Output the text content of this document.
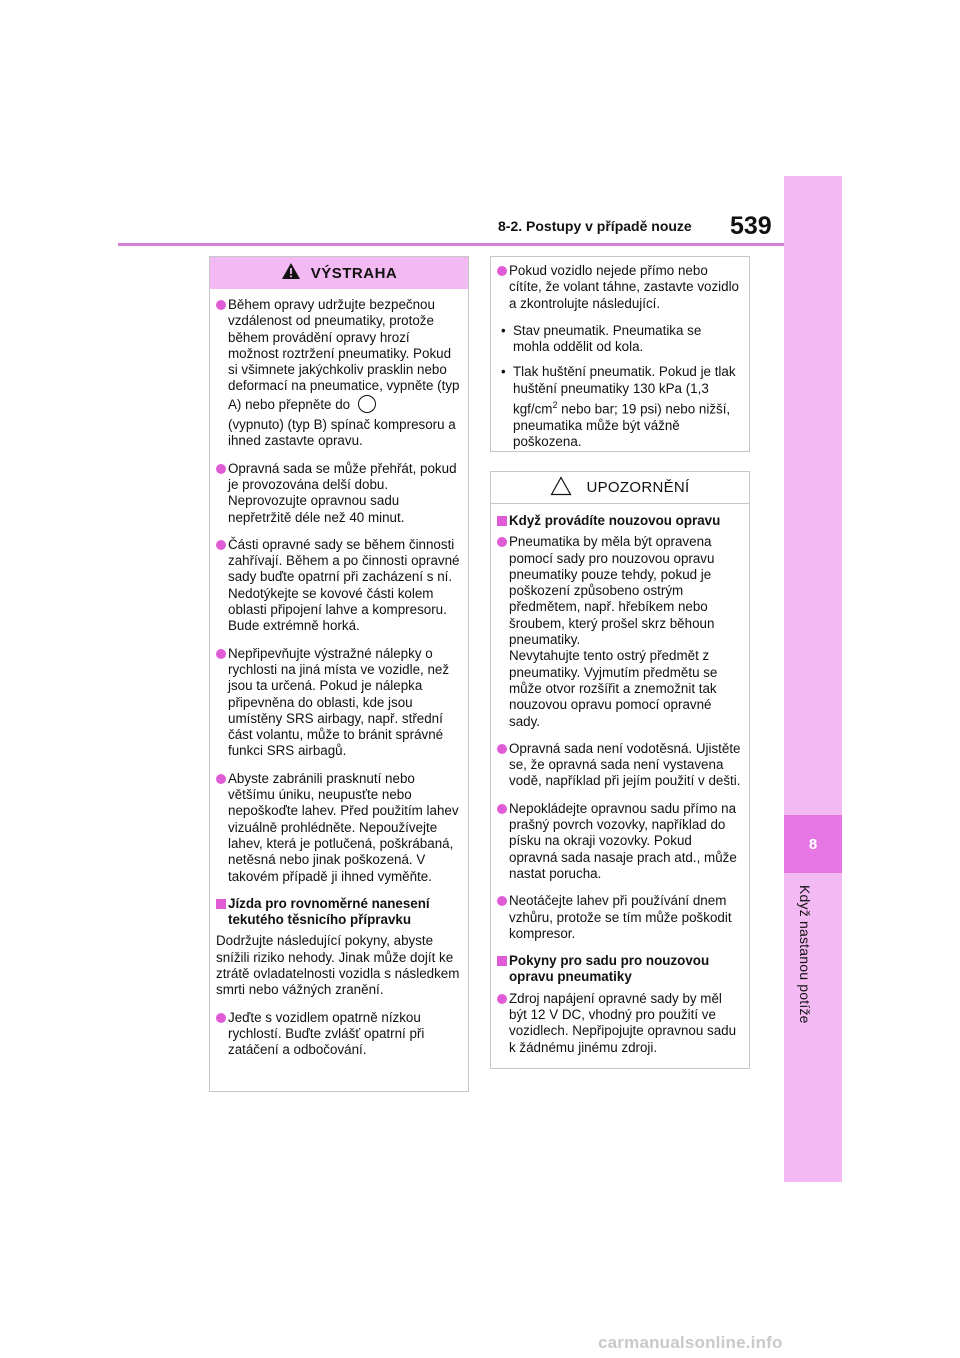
8
Když nastanou potíže
8-2. Postupy v případě nouze 539
VÝSTRAHA
Během opravy udržujte bezpečnou vzdálenost od pneumatiky, protože během provádění opravy hrozí možnost roztržení pneumatiky. Pokud si všimnete jakýchkoliv prasklin nebo deformací na pneumatice, vypněte (typ A) nebo přepněte do
(vypnuto) (typ B) spínač kompresoru a ihned zastavte opravu.
Opravná sada se může přehřát, pokud je provozována delší dobu. Neprovozujte opravnou sadu nepřetržitě déle než 40 minut.
Části opravné sady se během činnosti zahřívají. Během a po činnosti opravné sady buďte opatrní při zacházení s ní. Nedotýkejte se kovové části kolem oblasti připojení lahve a kompresoru. Bude extrémně horká.
Nepřipevňujte výstražné nálepky o rychlosti na jiná místa ve vozidle, než jsou ta určená. Pokud je nálepka připevněna do oblasti, kde jsou umístěny SRS airbagy, např. střední část volantu, může to bránit správné funkci SRS airbagů.
Abyste zabránili prasknutí nebo většímu úniku, neupusťte nebo nepoškoďte lahev. Před použitím lahev vizuálně prohlédněte. Nepoužívejte lahev, která je potlučená, poškrábaná, netěsná nebo jinak poškozená. V takovém případě ji ihned vyměňte.
Jízda pro rovnoměrné nanesení tekutého těsnicího přípravku
Dodržujte následující pokyny, abyste snížili riziko nehody. Jinak může dojít ke ztrátě ovladatelnosti vozidla s následkem smrti nebo vážných zranění.
Jeďte s vozidlem opatrně nízkou rychlostí. Buďte zvlášť opatrní při zatáčení a odbočování.
Pokud vozidlo nejede přímo nebo cítíte, že volant táhne, zastavte vozidlo a zkontrolujte následující.
• Stav pneumatik. Pneumatika se mohla oddělit od kola.
• Tlak huštění pneumatik. Pokud je tlak huštění pneumatiky 130 kPa (1,3 kgf/$cm^2$ nebo bar; 19 psi) nebo nižší, pneumatika může být vážně poškozena.
UPOZORNĚNÍ
Když provádíte nouzovou opravu
Pneumatika by měla být opravena pomocí sady pro nouzovou opravu pneumatiky pouze tehdy, pokud je poškození způsobeno ostrým předmětem, např. hřebíkem nebo šroubem, který prošel skrz běhoun pneumatiky.
Nevytahujte tento ostrý předmět z pneumatiky. Vyjmutím předmětu se může otvor rozšířit a znemožnit tak nouzovou opravu pomocí opravné sady.
Opravná sada není vodotěsná. Ujistěte se, že opravná sada není vystavena vodě, například při jejím použití v dešti.
Nepokládejte opravnou sadu přímo na prašný povrch vozovky, například do písku na okraji vozovky. Pokud opravná sada nasaje prach atd., může nastat porucha.
Neotáčejte lahev při používání dnem vzhůru, protože se tím může poškodit kompresor.
Pokyny pro sadu pro nouzovou opravu pneumatiky
Zdroj napájení opravné sady by měl být 12 V DC, vhodný pro použití ve vozidlech. Nepřipojujte opravnou sadu k žádnému jinému zdroji.
carmanualsonline.info
